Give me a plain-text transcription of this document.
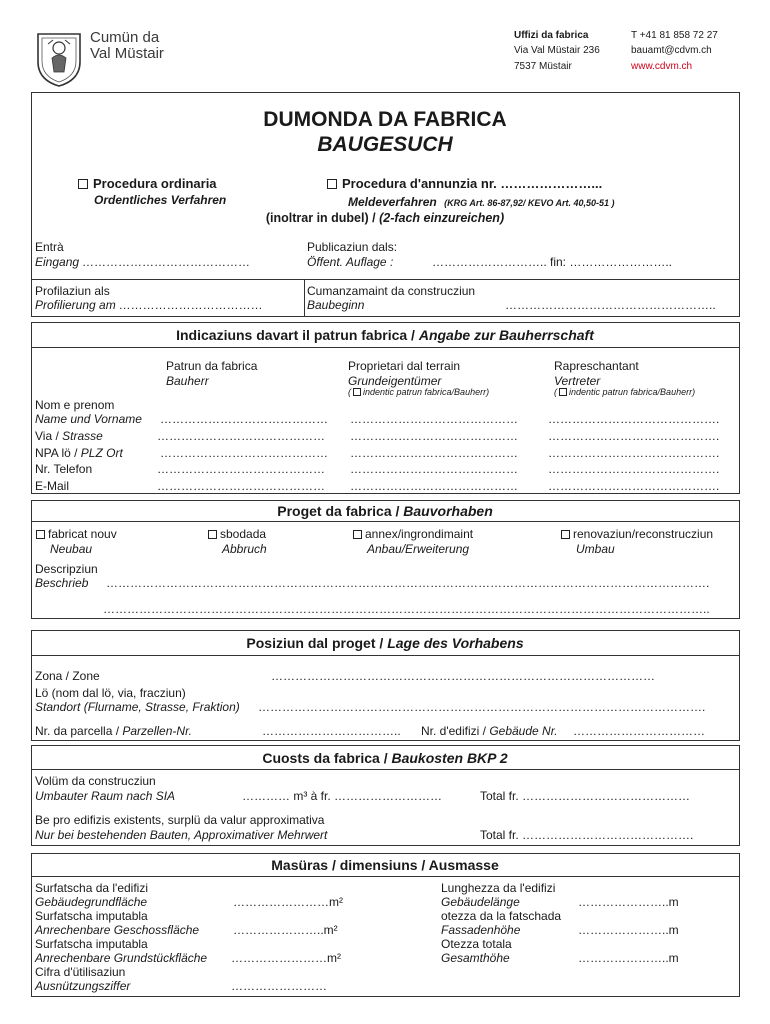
Cumün da
Val Müstair
Uffizi da fabrica
Via Val Müstair 236
7537 Müstair
T +41 81 858 72 27
bauamt@cdvm.ch
www.cdvm.ch
DUMONDA DA FABRICA
BAUGESUCH
Procedura ordinaria
Ordentliches Verfahren
Procedura d'annunzia nr. …………………...
Meldeverfahren (KRG Art. 86-87,92/ KEVO Art. 40,50-51 )
(inoltrar in dubel) / (2-fach einzureichen)
Entrà
Eingang ……………………………………
Publicaziun dals:
Öffent. Auflage :	……………………….. fin: ……………………..
Profilaziun als
Profilierung am ………………………………
Cumanzamaint da construcziun
Baubeginn	……………………………………………..
Indicaziuns davart il patrun fabrica / Angabe zur Bauherrschaft
Patrun da fabrica
Bauherr
Proprietari dal terrain
Grundeigentümer
( indentic patrun fabrica/Bauherr)
Rapreschantant
Vertreter
( indentic patrun fabrica/Bauherr)
Nom e prenom
Name und Vorname …………………………………… ……………………………………	…………………………………….
Via / Strasse	…………………………………… ……………………………………	…………………………………….
NPA lö / PLZ Ort	…………………………………… ……………………………………	…………………………………….
Nr. Telefon	…………………………………… ……………………………………	…………………………………….
E-Mail	…………………………………… ……………………………………	…………………………………….
Proget da fabrica / Bauvorhaben
fabricat nouv
Neubau
sbodada
Abbruch
annex/ingrondimaint
Anbau/Erweiterung
renovaziun/reconstrucziun
Umbau
Descripziun
Beschrieb …………………………………………………………………………………………………………………………………….
……………………………………………………………………………………………………………………………………..
Posiziun dal proget / Lage des Vorhabens
Zona / Zone	……………………………………………………………………………………
Lö (nom dal lö, via, fracziun)
Standort (Flurname, Strasse, Fraktion) ………………………………………………………………………………………………….
Nr. da parcella / Parzellen-Nr.	…………………………….. Nr. d'edifizi / Gebäude Nr. ……………………………
Cuosts da fabrica / Baukosten BKP 2
Volüm da construcziun
Umbauter Raum nach SIA	………… m³ à fr. ………………………	Total fr. ……………………………………
Be pro edifizis existents, surplü da valur approximativa
Nur bei bestehenden Bauten, Approximativer Mehrwert	Total fr. …………………………………….
Masüras / dimensiuns / Ausmasse
Surfatscha da l'edifizi
Gebäudegrundfläche	……………………m²
Surfatscha imputabla
Anrechenbare Geschossfläche	…………………..m²
Surfatscha imputabla
Anrechenbare Grundstückfläche ……………………m²
Cifra d'ütilisaziun
Ausnützungsziffer	……………………
Lunghezza da l'edifizi
Gebäudelänge	…………………..m
otezza da la fatschada
Fassadenhöhe	…………………..m
Otezza totala
Gesamthöhe	…………………..m
